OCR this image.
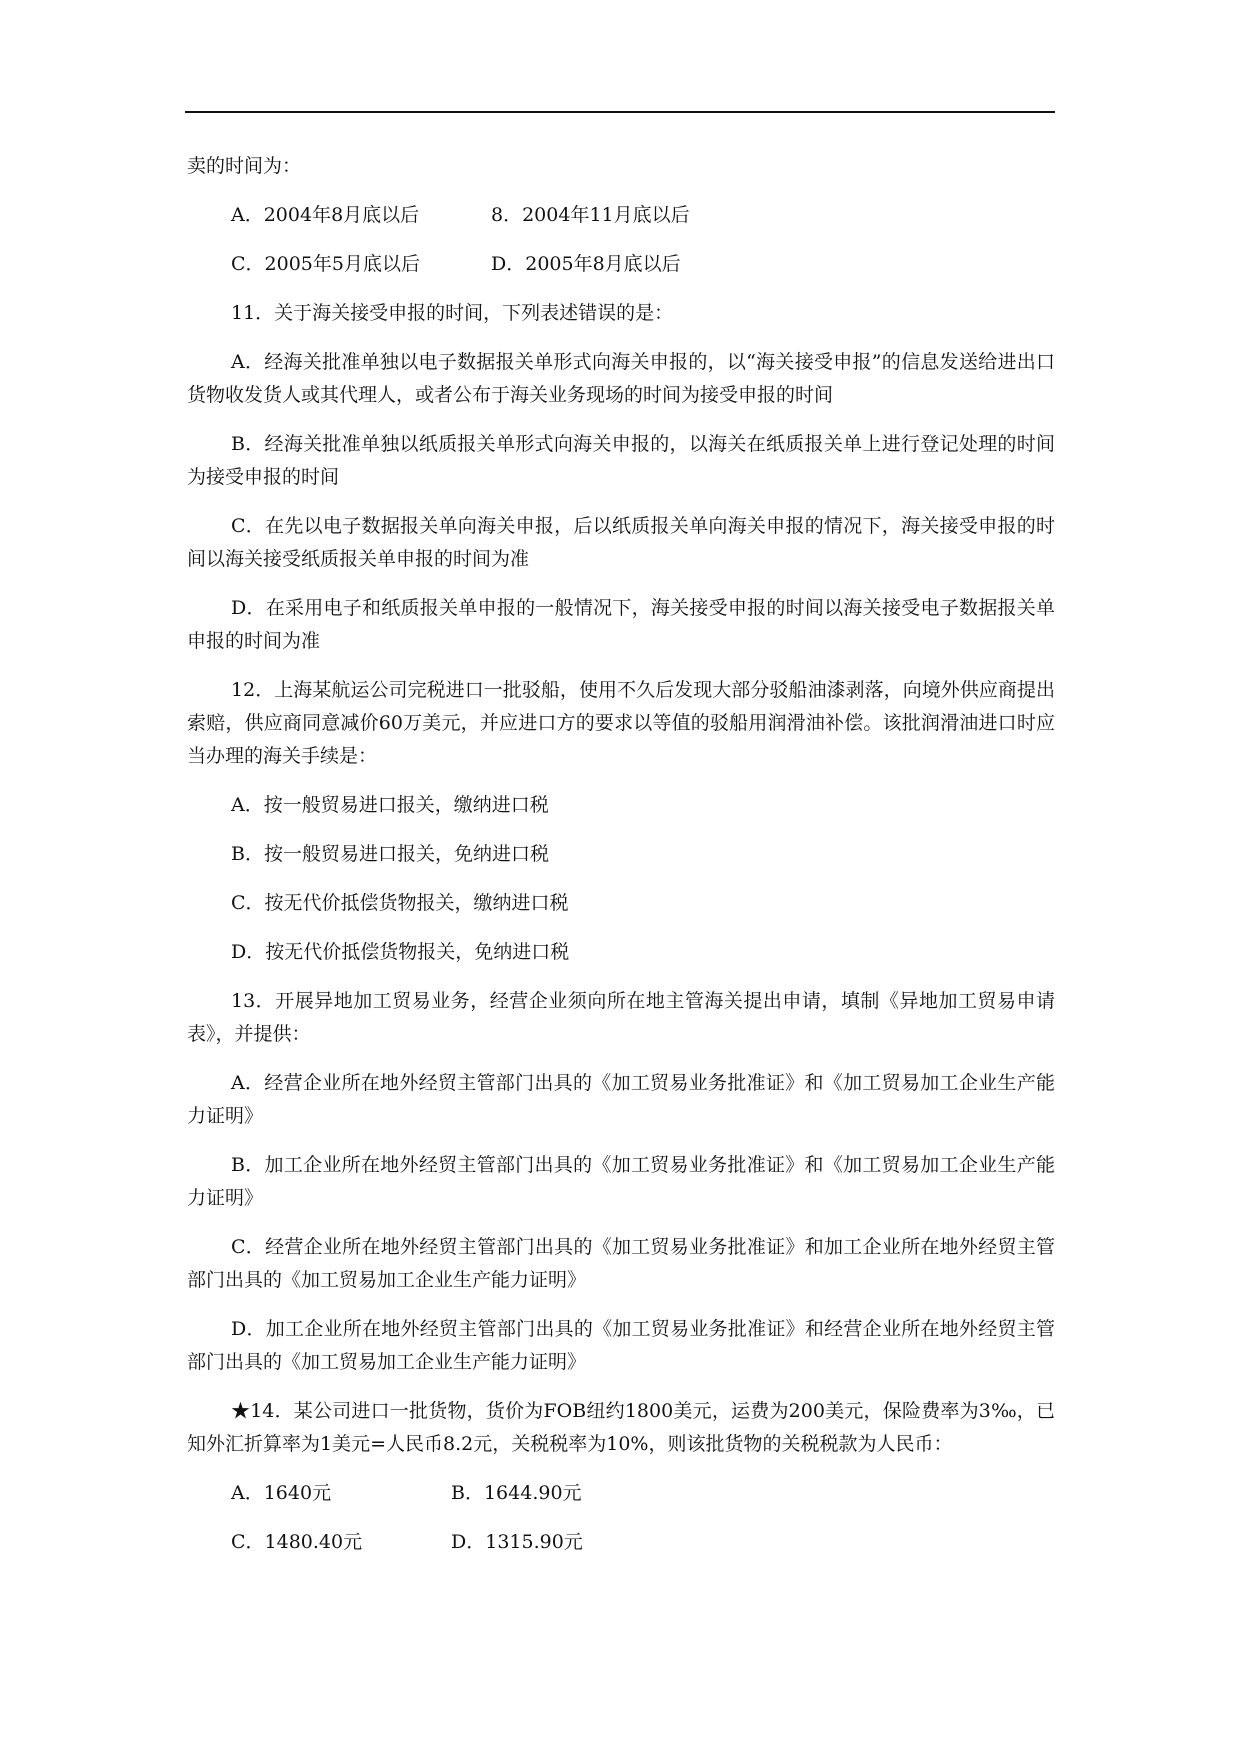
卖的时间为：

A．2004年8月底以后	8．2004年11月底以后

C．2005年5月底以后	D．2005年8月底以后

11．关于海关接受申报的时间，下列表述错误的是：

A．经海关批准单独以电子数据报关单形式向海关申报的，以“海关接受申报”的信息发送给进出口货物收发货人或其代理人，或者公布于海关业务现场的时间为接受申报的时间

B．经海关批准单独以纸质报关单形式向海关申报的，以海关在纸质报关单上进行登记处理的时间为接受申报的时间

C．在先以电子数据报关单向海关申报，后以纸质报关单向海关申报的情况下，海关接受申报的时间以海关接受纸质报关单申报的时间为准

D．在采用电子和纸质报关单申报的一般情况下，海关接受申报的时间以海关接受电子数据报关单申报的时间为准

12．上海某航运公司完税进口一批驳船，使用不久后发现大部分驳船油漆剥落，向境外供应商提出索赔，供应商同意减价60万美元，并应进口方的要求以等值的驳船用润滑油补偿。该批润滑油进口时应当办理的海关手续是：

A．按一般贸易进口报关，缴纳进口税

B．按一般贸易进口报关，免纳进口税

C．按无代价抵偿货物报关，缴纳进口税

D．按无代价抵偿货物报关，免纳进口税

13．开展异地加工贸易业务，经营企业须向所在地主管海关提出申请，填制《异地加工贸易申请表》，并提供：

A．经营企业所在地外经贸主管部门出具的《加工贸易业务批准证》和《加工贸易加工企业生产能力证明》

B．加工企业所在地外经贸主管部门出具的《加工贸易业务批准证》和《加工贸易加工企业生产能力证明》

C．经营企业所在地外经贸主管部门出具的《加工贸易业务批准证》和加工企业所在地外经贸主管部门出具的《加工贸易加工企业生产能力证明》

D．加工企业所在地外经贸主管部门出具的《加工贸易业务批准证》和经营企业所在地外经贸主管部门出具的《加工贸易加工企业生产能力证明》

★14．某公司进口一批货物，货价为FOB纽约1800美元，运费为200美元，保险费率为3‰，已知外汇折算率为1美元=人民币8.2元，关税税率为10%，则该批货物的关税税款为人民币：

A．1640元	B．1644.90元

C．1480.40元	D．1315.90元
